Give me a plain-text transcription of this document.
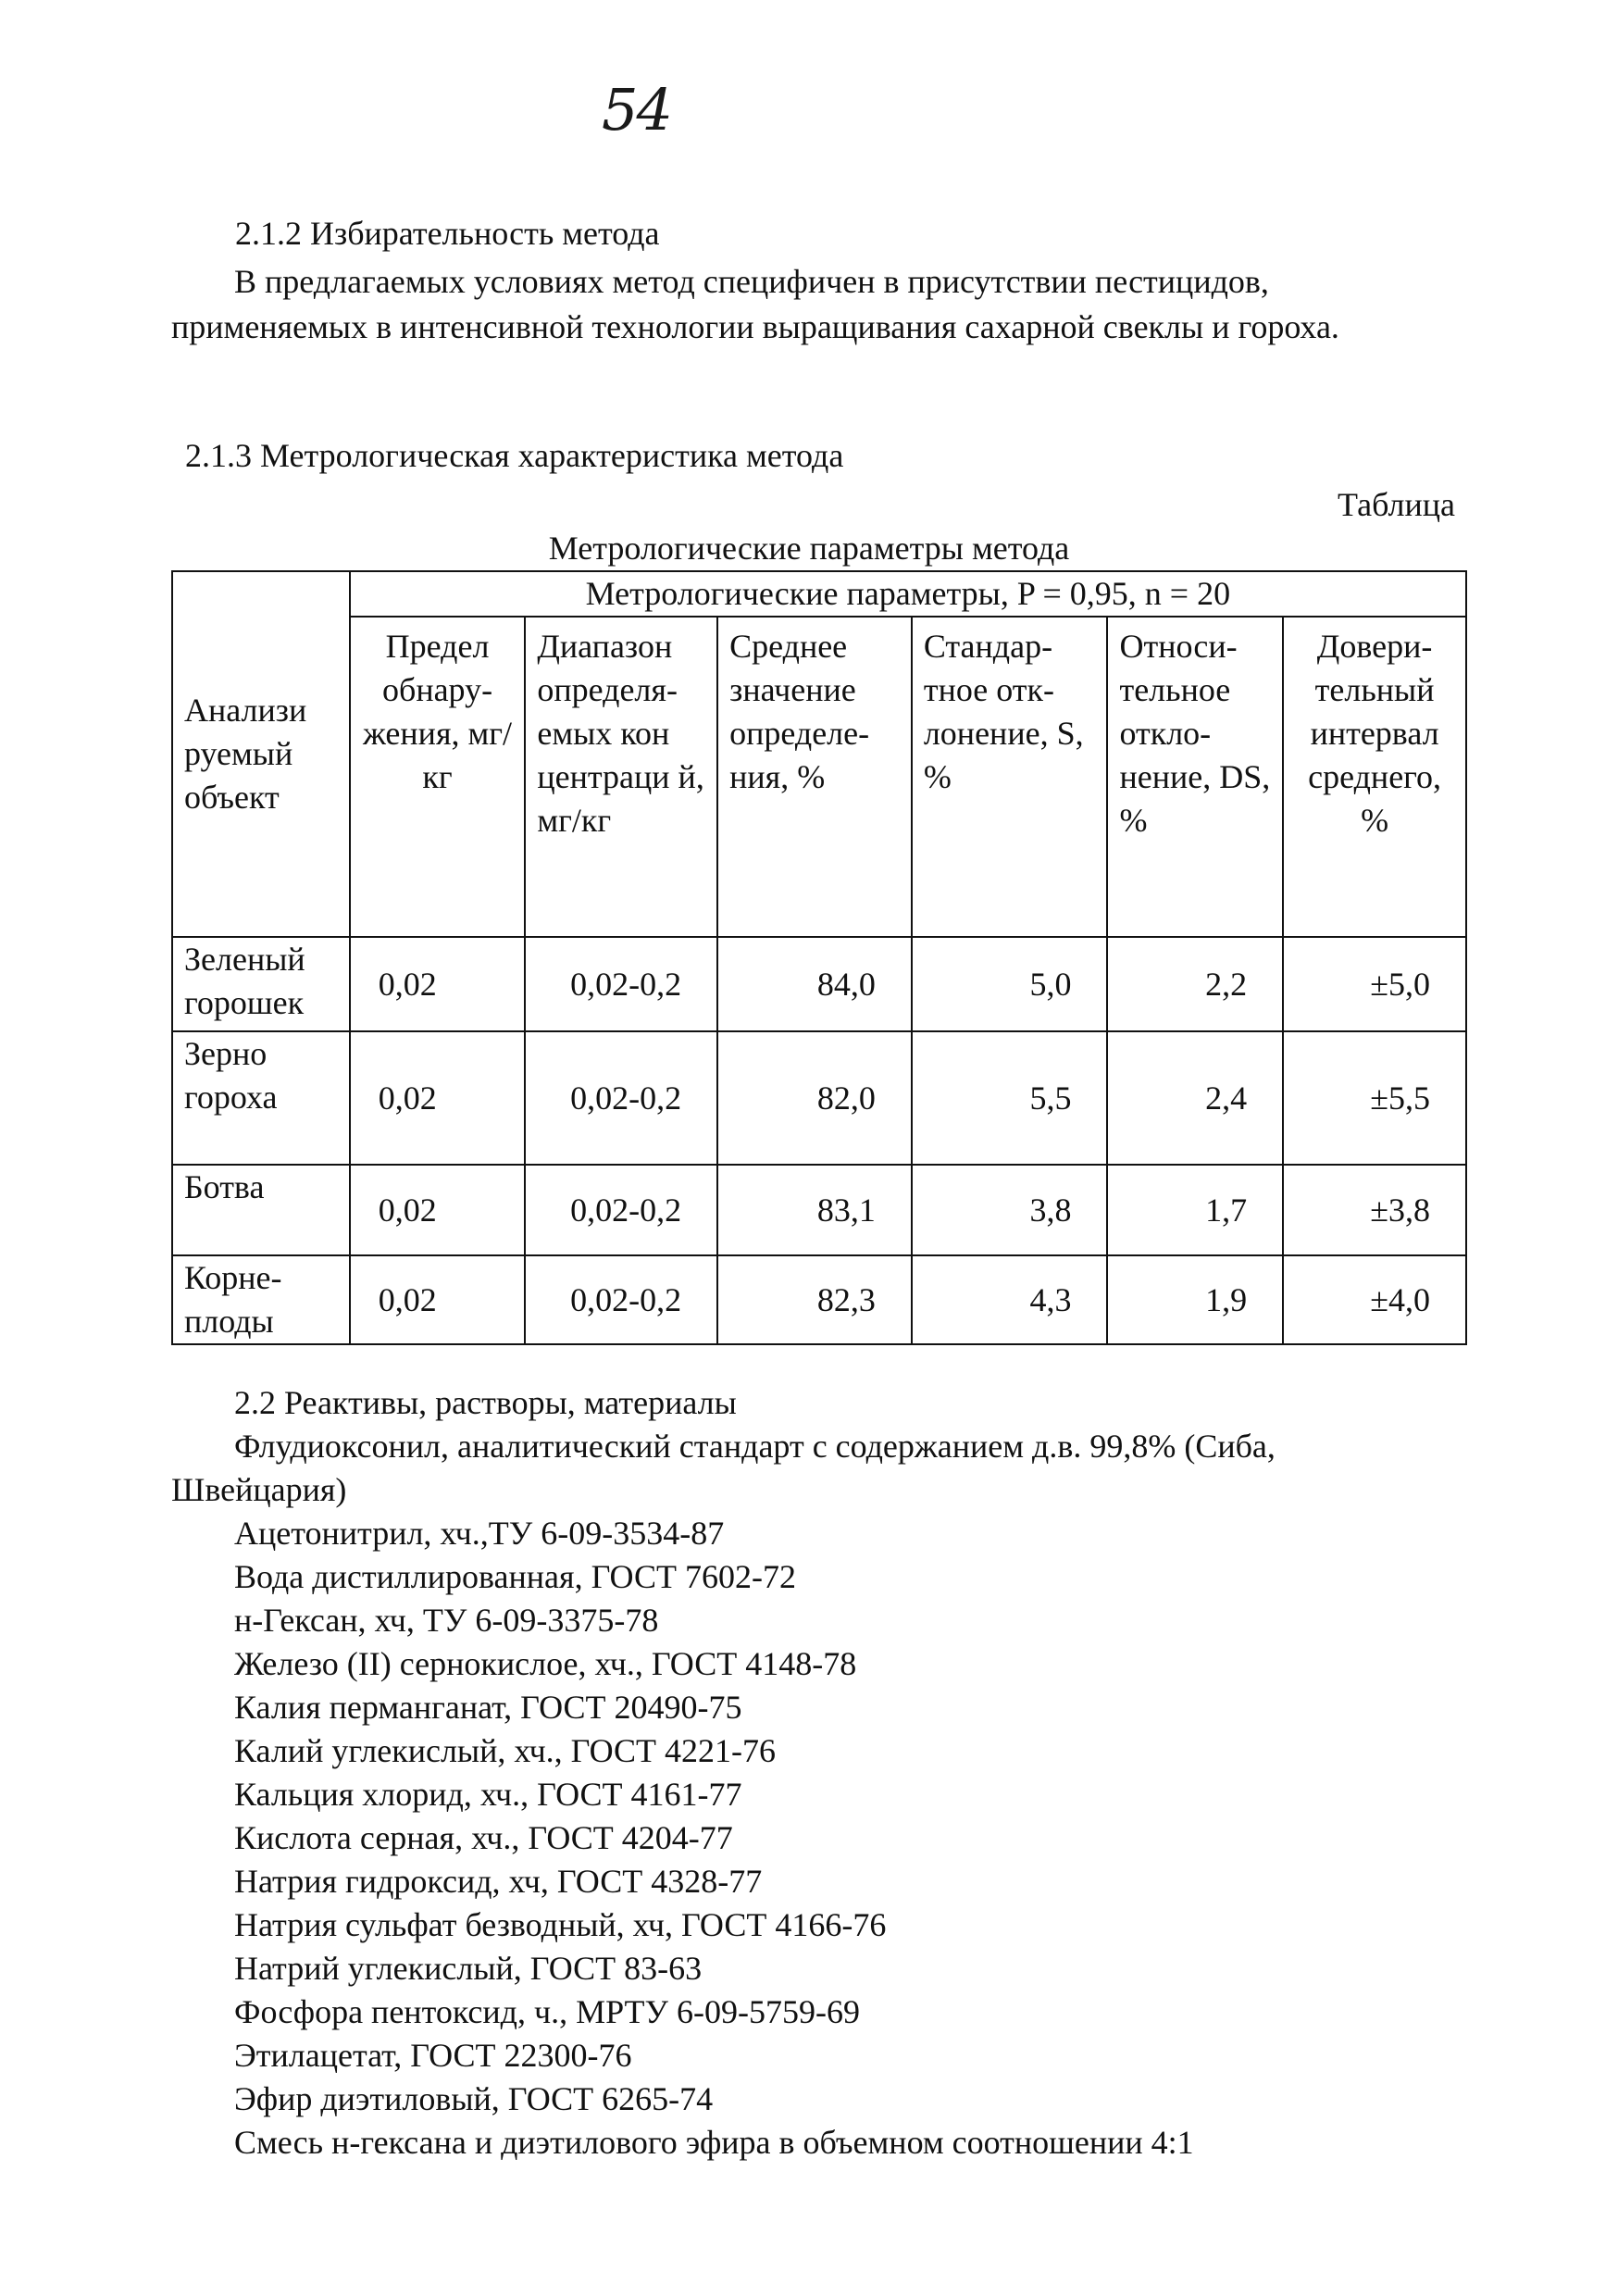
54

2.1.2 Избирательность метода

В предлагаемых условиях метод специфичен в присутствии пестицидов, применяемых в интенсивной технологии выращивания сахарной свеклы и гороха.

2.1.3 Метрологическая характеристика метода

Таблица

Метрологические параметры метода

Анализи руемый объект	Метрологические параметры, P = 0,95, n = 20					
	Предел обнару-жения, мг/кг	Диапазон определя-емых кон центраци й, мг/кг	Среднее значение определе-ния, %	Стандар-тное отк-лонение, S, %	Относи-тельное откло-нение, DS, %	Довери-тельный интервал среднего, %
Зеленый горошек	0,02	0,02-0,2	84,0	5,0	2,2	±5,0
Зерно гороха	0,02	0,02-0,2	82,0	5,5	2,4	±5,5
Ботва	0,02	0,02-0,2	83,1	3,8	1,7	±3,8
Корне-плоды	0,02	0,02-0,2	82,3	4,3	1,9	±4,0
2.2 Реактивы, растворы, материалы
Флудиоксонил, аналитический стандарт с содержанием д.в. 99,8% (Сиба,
Швейцария)
Ацетонитрил, хч.,ТУ 6-09-3534-87
Вода дистиллированная, ГОСТ 7602-72
н-Гексан, хч, ТУ 6-09-3375-78
Железо (II) сернокислое, хч., ГОСТ 4148-78
Калия перманганат, ГОСТ 20490-75
Калий углекислый, хч., ГОСТ 4221-76
Кальция хлорид, хч., ГОСТ 4161-77
Кислота серная, хч., ГОСТ 4204-77
Натрия гидроксид, хч, ГОСТ 4328-77
Натрия сульфат безводный, хч, ГОСТ 4166-76
Натрий углекислый, ГОСТ 83-63
Фосфора пентоксид, ч., МРТУ 6-09-5759-69
Этилацетат, ГОСТ 22300-76
Эфир диэтиловый, ГОСТ 6265-74
Смесь н-гексана и диэтилового эфира в объемном соотношении 4:1
